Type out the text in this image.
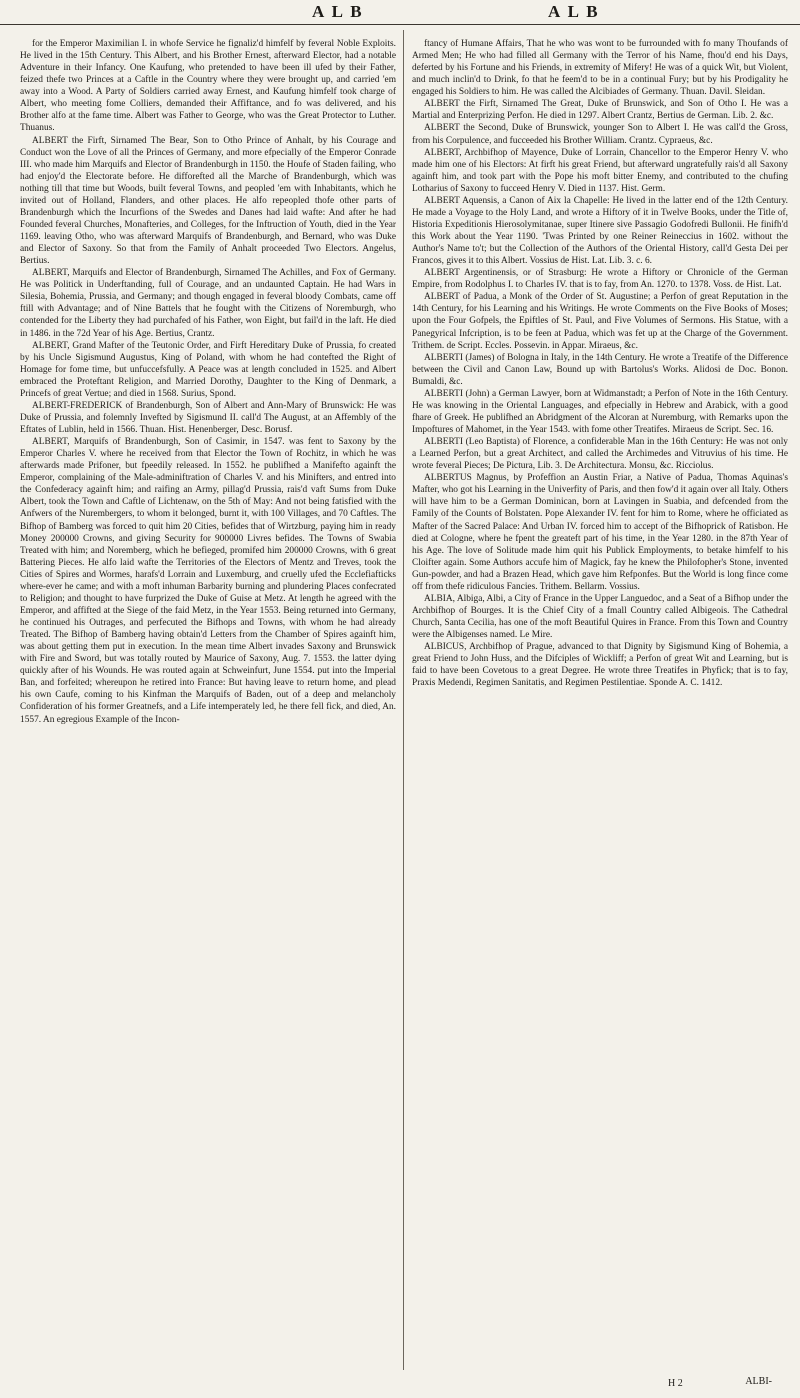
A L B	A L B

for the Emperor Maximilian I. in whofe Service he fignaliz'd himfelf by feveral Noble Exploits. He lived in the 15th Century. This Albert, and his Brother Ernest, afterward Elector, had a notable Adventure in their Infancy. One Kaufung, who pretended to have been ill ufed by their Father, feized thefe two Princes at a Caftle in the Country where they were brought up, and carried 'em away into a Wood. A Party of Soldiers carried away Ernest, and Kaufung himfelf took charge of Albert, who meeting fome Colliers, demanded their Affiftance, and fo was delivered, and his Brother alfo at the fame time. Albert was Father to George, who was the Great Protector to Luther. Thuanus.

ALBERT the Firft, Sirnamed The Bear, Son to Otho Prince of Anhalt, by his Courage and Conduct won the Love of all the Princes of Germany, and more efpecially of the Emperor Conrade III. who made him Marquifs and Elector of Brandenburgh in 1150. the Houfe of Staden failing, who had enjoy'd the Electorate before. He difforefted all the Marche of Brandenburgh, which was nothing till that time but Woods, built feveral Towns, and peopled 'em with Inhabitants, which he invited out of Holland, Flanders, and other places. He alfo repeopled thofe other parts of Brandenburgh which the Incurfions of the Swedes and Danes had laid wafte: And after he had Founded feveral Churches, Monafteries, and Colleges, for the Inftruction of Youth, died in the Year 1169. leaving Otho, who was afterward Marquifs of Brandenburgh, and Bernard, who was Duke and Elector of Saxony. So that from the Family of Anhalt proceeded Two Electors. Angelus, Bertius.

ALBERT, Marquifs and Elector of Brandenburgh, Sirnamed The Achilles, and Fox of Germany. He was Politick in Underftanding, full of Courage, and an undaunted Captain. He had Wars in Silesia, Bohemia, Prussia, and Germany; and though engaged in feveral bloody Combats, came off ftill with Advantage; and of Nine Battels that he fought with the Citizens of Noremburgh, who contended for the Liberty they had purchafed of his Father, won Eight, but fail'd in the laft. He died in 1486. in the 72d Year of his Age. Bertius, Crantz.

ALBERT, Grand Mafter of the Teutonic Order, and Firft Hereditary Duke of Prussia, fo created by his Uncle Sigismund Augustus, King of Poland, with whom he had contefted the Right of Homage for fome time, but unfuccefsfully. A Peace was at length concluded in 1525. and Albert embraced the Proteftant Religion, and Married Dorothy, Daughter to the King of Denmark, a Princefs of great Vertue; and died in 1568. Surius, Spond.

ALBERT-FREDERICK of Brandenburgh, Son of Albert and Ann-Mary of Brunswick: He was Duke of Prussia, and folemnly Invefted by Sigismund II. call'd The August, at an Affembly of the Eftates of Lublin, held in 1566. Thuan. Hist. Henenberger, Desc. Borusf.

ALBERT, Marquifs of Brandenburgh, Son of Casimir, in 1547. was fent to Saxony by the Emperor Charles V. where he received from that Elector the Town of Rochitz, in which he was afterwards made Prifoner, but fpeedily released. In 1552. he publifhed a Manifefto againft the Emperor, complaining of the Male-adminiftration of Charles V. and his Minifters, and entred into the Confederacy againft him; and raifing an Army, pillag'd Prussia, rais'd vaft Sums from Duke Albert, took the Town and Caftle of Lichtenaw, on the 5th of May: And not being fatisfied with the Anfwers of the Nurembergers, to whom it belonged, burnt it, with 100 Villages, and 70 Caftles. The Bifhop of Bamberg was forced to quit him 20 Cities, befides that of Wirtzburg, paying him in ready Money 200000 Crowns, and giving Security for 900000 Livres befides. The Towns of Swabia Treated with him; and Noremberg, which he befieged, promifed him 200000 Crowns, with 6 great Battering Pieces. He alfo laid wafte the Territories of the Electors of Mentz and Treves, took the Cities of Spires and Wormes, harafs'd Lorrain and Luxemburg, and cruelly ufed the Ecclefiafticks where-ever he came; and with a moft inhuman Barbarity burning and plundering Places confecrated to Religion; and thought to have furprized the Duke of Guise at Metz. At length he agreed with the Emperor, and affifted at the Siege of the faid Metz, in the Year 1553. Being returned into Germany, he continued his Outrages, and perfecuted the Bifhops and Towns, with whom he had already Treated. The Bifhop of Bamberg having obtain'd Letters from the Chamber of Spires againft him, was about getting them put in execution. In the mean time Albert invades Saxony and Brunswick with Fire and Sword, but was totally routed by Maurice of Saxony, Aug. 7. 1553. the latter dying quickly after of his Wounds. He was routed again at Schweinfurt, June 1554. put into the Imperial Ban, and forfeited; whereupon he retired into France: But having leave to return home, and plead his own Caufe, coming to his Kinfman the Marquifs of Baden, out of a deep and melancholy Confideration of his former Greatnefs, and a Life intemperately led, he there fell fick, and died, An. 1557. An egregious Example of the Incon-

ftancy of Humane Affairs, That he who was wont to be furrounded with fo many Thoufands of Armed Men; He who had filled all Germany with the Terror of his Name, fhou'd end his Days, deferted by his Fortune and his Friends, in extremity of Mifery! He was of a quick Wit, but Violent, and much inclin'd to Drink, fo that he feem'd to be in a continual Fury; but by his Prodigality he engaged his Soldiers to him. He was called the Alcibiades of Germany. Thuan. Davil. Sleidan.

ALBERT the Firft, Sirnamed The Great, Duke of Brunswick, and Son of Otho I. He was a Martial and Enterprizing Perfon. He died in 1297. Albert Crantz, Bertius de German. Lib. 2. &c.

ALBERT the Second, Duke of Brunswick, younger Son to Albert I. He was call'd the Gross, from his Corpulence, and fucceeded his Brother William. Crantz. Cypraeus, &c.

ALBERT, Archbifhop of Mayence, Duke of Lorrain, Chancellor to the Emperor Henry V. who made him one of his Electors: At firft his great Friend, but afterward ungratefully rais'd all Saxony againft him, and took part with the Pope his moft bitter Enemy, and contributed to the chufing Lotharius of Saxony to fucceed Henry V. Died in 1137. Hist. Germ.

ALBERT Aquensis, a Canon of Aix la Chapelle: He lived in the latter end of the 12th Century. He made a Voyage to the Holy Land, and wrote a Hiftory of it in Twelve Books, under the Title of, Historia Expeditionis Hierosolymitanae, super Itinere sive Passagio Godofredi Bullonii. He finifh'd this Work about the Year 1190. 'Twas Printed by one Reiner Reineccius in 1602. without the Author's Name to't; but the Collection of the Authors of the Oriental History, call'd Gesta Dei per Francos, gives it to this Albert. Vossius de Hist. Lat. Lib. 3. c. 6.

ALBERT Argentinensis, or of Strasburg: He wrote a Hiftory or Chronicle of the German Empire, from Rodolphus I. to Charles IV. that is to fay, from An. 1270. to 1378. Voss. de Hist. Lat.

ALBERT of Padua, a Monk of the Order of St. Augustine; a Perfon of great Reputation in the 14th Century, for his Learning and his Writings. He wrote Comments on the Five Books of Moses; upon the Four Gofpels, the Epiftles of St. Paul, and Five Volumes of Sermons. His Statue, with a Panegyrical Infcription, is to be feen at Padua, which was fet up at the Charge of the Government. Trithem. de Script. Eccles. Possevin. in Appar. Miraeus, &c.

ALBERTI (James) of Bologna in Italy, in the 14th Century. He wrote a Treatife of the Difference between the Civil and Canon Law, Bound up with Bartolus's Works. Alidosi de Doc. Bonon. Bumaldi, &c.

ALBERTI (John) a German Lawyer, born at Widmanstadt; a Perfon of Note in the 16th Century. He was knowing in the Oriental Languages, and efpecially in Hebrew and Arabick, with a good fhare of Greek. He publifhed an Abridgment of the Alcoran at Nuremburg, with Remarks upon the Impoftures of Mahomet, in the Year 1543. with fome other Treatifes. Miraeus de Script. Sec. 16.

ALBERTI (Leo Baptista) of Florence, a confiderable Man in the 16th Century: He was not only a Learned Perfon, but a great Architect, and called the Archimedes and Vitruvius of his time. He wrote feveral Pieces; De Pictura, Lib. 3. De Architectura. Monsu, &c. Ricciolus.

ALBERTUS Magnus, by Profeffion an Austin Friar, a Native of Padua, Thomas Aquinas's Mafter, who got his Learning in the Univerfity of Paris, and then fow'd it again over all Italy. Others will have him to be a German Dominican, born at Lavingen in Suabia, and defcended from the Family of the Counts of Bolstaten. Pope Alexander IV. fent for him to Rome, where he officiated as Mafter of the Sacred Palace: And Urban IV. forced him to accept of the Bifhoprick of Ratisbon. He died at Cologne, where he fpent the greateft part of his time, in the Year 1280. in the 87th Year of his Age. The love of Solitude made him quit his Publick Employments, to betake himfelf to his Cloifter again. Some Authors accufe him of Magick, fay he knew the Philofopher's Stone, invented Gun-powder, and had a Brazen Head, which gave him Refponfes. But the World is long fince come off from thefe ridiculous Fancies. Trithem. Bellarm. Vossius.

ALBIA, Albiga, Albi, a City of France in the Upper Languedoc, and a Seat of a Bifhop under the Archbifhop of Bourges. It is the Chief City of a fmall Country called Albigeois. The Cathedral Church, Santa Cecilia, has one of the moft Beautiful Quires in France. From this Town and Country were the Albigenses named. Le Mire.

ALBICUS, Archbifhop of Prague, advanced to that Dignity by Sigismund King of Bohemia, a great Friend to John Huss, and the Difciples of Wickliff; a Perfon of great Wit and Learning, but is faid to have been Covetous to a great Degree. He wrote three Treatifes in Phyfick; that is to fay, Praxis Medendi, Regimen Sanitatis, and Regimen Pestilentiae. Sponde A. C. 1412.

H 2	ALBI-
